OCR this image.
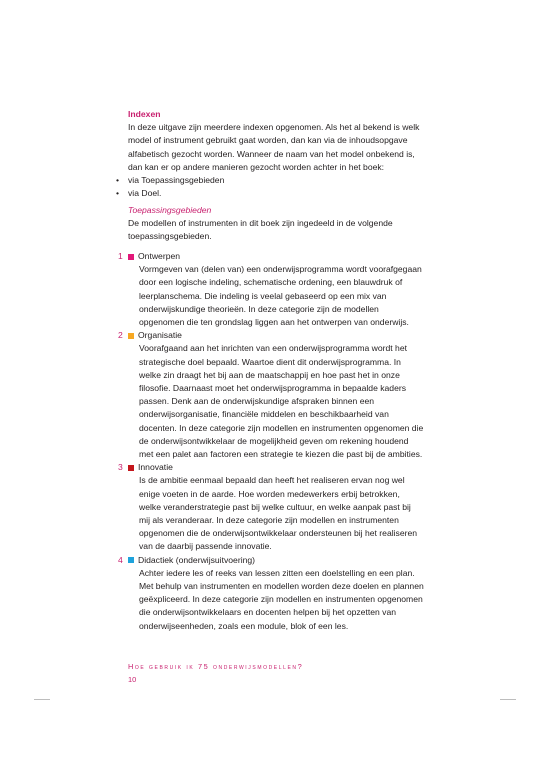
Indexen

In deze uitgave zijn meerdere indexen opgenomen. Als het al bekend is welk model of instrument gebruikt gaat worden, dan kan via de inhoudsopgave alfabetisch gezocht worden. Wanneer de naam van het model onbekend is, dan kan er op andere manieren gezocht worden achter in het boek:

• via Toepassingsgebieden
• via Doel.

Toepassingsgebieden

De modellen of instrumenten in dit boek zijn ingedeeld in de volgende toepassingsgebieden.

1 Ontwerpen

Vormgeven van (delen van) een onderwijsprogramma wordt voorafgegaan door een logische indeling, schematische ordening, een blauwdruk of leerplanschema. Die indeling is veelal gebaseerd op een mix van onderwijskundige theorieën. In deze categorie zijn de modellen opgenomen die ten grondslag liggen aan het ontwerpen van onderwijs.

2 Organisatie

Voorafgaand aan het inrichten van een onderwijsprogramma wordt het strategische doel bepaald. Waartoe dient dit onderwijsprogramma. In welke zin draagt het bij aan de maatschappij en hoe past het in onze filosofie. Daarnaast moet het onderwijsprogramma in bepaalde kaders passen. Denk aan de onderwijskundige afspraken binnen een onderwijsorganisatie, financiële middelen en beschikbaarheid van docenten. In deze categorie zijn modellen en instrumenten opgenomen die de onderwijsontwikkelaar de mogelijkheid geven om rekening houdend met een palet aan factoren een strategie te kiezen die past bij de ambities.

3 Innovatie

Is de ambitie eenmaal bepaald dan heeft het realiseren ervan nog wel enige voeten in de aarde. Hoe worden medewerkers erbij betrokken, welke veranderstrategie past bij welke cultuur, en welke aanpak past bij mij als veranderaar. In deze categorie zijn modellen en instrumenten opgenomen die de onderwijsontwikkelaar ondersteunen bij het realiseren van de daarbij passende innovatie.

4 Didactiek (onderwijsuitvoering)

Achter iedere les of reeks van lessen zitten een doelstelling en een plan. Met behulp van instrumenten en modellen worden deze doelen en plannen geëxpliceerd. In deze categorie zijn modellen en instrumenten opgenomen die onderwijsontwikkelaars en docenten helpen bij het opzetten van onderwijseenheden, zoals een module, blok of een les.

Hoe gebruik ik 75 onderwijsmodellen?
10
